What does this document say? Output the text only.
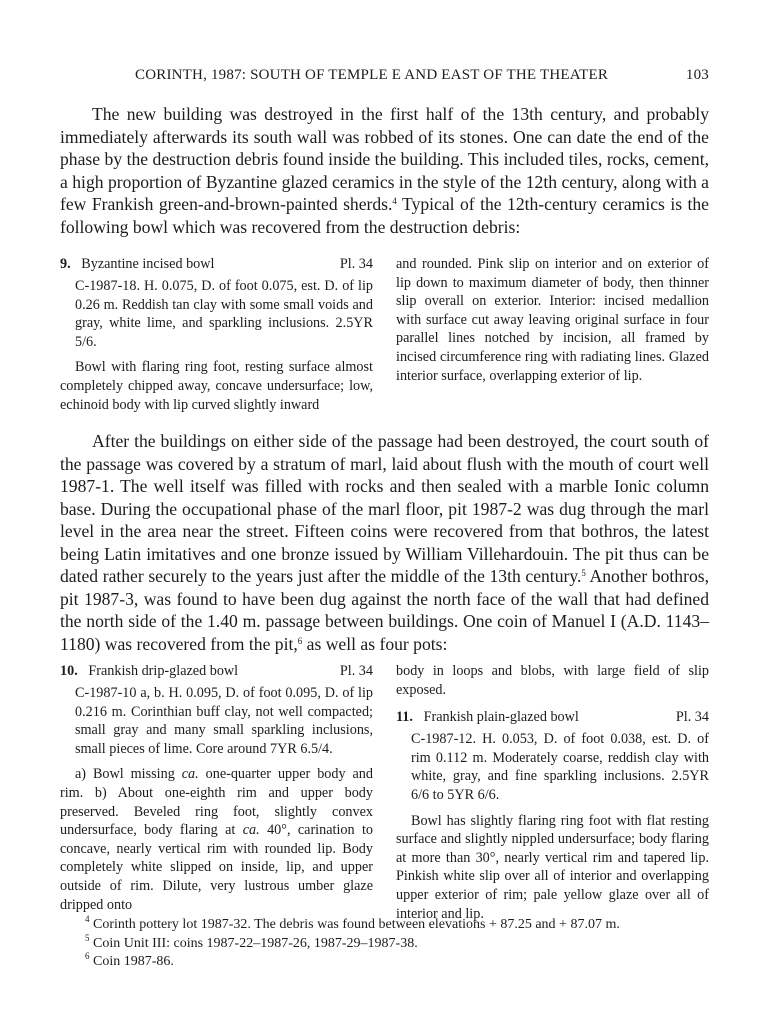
CORINTH, 1987: SOUTH OF TEMPLE E AND EAST OF THE THEATER	103

The new building was destroyed in the first half of the 13th century, and probably immediately afterwards its south wall was robbed of its stones. One can date the end of the phase by the destruction debris found inside the building. This included tiles, rocks, cement, a high proportion of Byzantine glazed ceramics in the style of the 12th century, along with a few Frankish green-and-brown-painted sherds.$^4$ Typical of the 12th-century ceramics is the following bowl which was recovered from the destruction debris:

9. Byzantine incised bowl	Pl. 34

C-1987-18. H. 0.075, D. of foot 0.075, est. D. of lip 0.26 m. Reddish tan clay with some small voids and gray, white lime, and sparkling inclusions. 2.5YR 5/6.

Bowl with flaring ring foot, resting surface almost completely chipped away, concave undersurface; low, echinoid body with lip curved slightly inward

and rounded. Pink slip on interior and on exterior of lip down to maximum diameter of body, then thinner slip overall on exterior. Interior: incised medallion with surface cut away leaving original surface in four parallel lines notched by incision, all framed by incised circumference ring with radiating lines. Glazed interior surface, overlapping exterior of lip.

After the buildings on either side of the passage had been destroyed, the court south of the passage was covered by a stratum of marl, laid about flush with the mouth of court well 1987-1. The well itself was filled with rocks and then sealed with a marble Ionic column base. During the occupational phase of the marl floor, pit 1987-2 was dug through the marl level in the area near the street. Fifteen coins were recovered from that bothros, the latest being Latin imitatives and one bronze issued by William Villehardouin. The pit thus can be dated rather securely to the years just after the middle of the 13th century.$^5$ Another bothros, pit 1987-3, was found to have been dug against the north face of the wall that had defined the north side of the 1.40 m. passage between buildings. One coin of Manuel I (A.D. 1143–1180) was recovered from the pit,$^6$ as well as four pots:

10. Frankish drip-glazed bowl	Pl. 34

C-1987-10 a, b. H. 0.095, D. of foot 0.095, D. of lip 0.216 m. Corinthian buff clay, not well compacted; small gray and many small sparkling inclusions, small pieces of lime. Core around 7YR 6.5/4.

a) Bowl missing ca. one-quarter upper body and rim. b) About one-eighth rim and upper body preserved. Beveled ring foot, slightly convex undersurface, body flaring at ca. 40°, carination to concave, nearly vertical rim with rounded lip. Body completely white slipped on inside, lip, and upper outside of rim. Dilute, very lustrous umber glaze dripped onto

body in loops and blobs, with large field of slip exposed.

11. Frankish plain-glazed bowl	Pl. 34

C-1987-12. H. 0.053, D. of foot 0.038, est. D. of rim 0.112 m. Moderately coarse, reddish clay with white, gray, and fine sparkling inclusions. 2.5YR 6/6 to 5YR 6/6.

Bowl has slightly flaring ring foot with flat resting surface and slightly nippled undersurface; body flaring at more than 30°, nearly vertical rim and tapered lip. Pinkish white slip over all of interior and overlapping upper exterior of rim; pale yellow glaze over all of interior and lip.

$^4$ Corinth pottery lot 1987-32. The debris was found between elevations + 87.25 and + 87.07 m.

$^5$ Coin Unit III: coins 1987-22–1987-26, 1987-29–1987-38.

$^6$ Coin 1987-86.
